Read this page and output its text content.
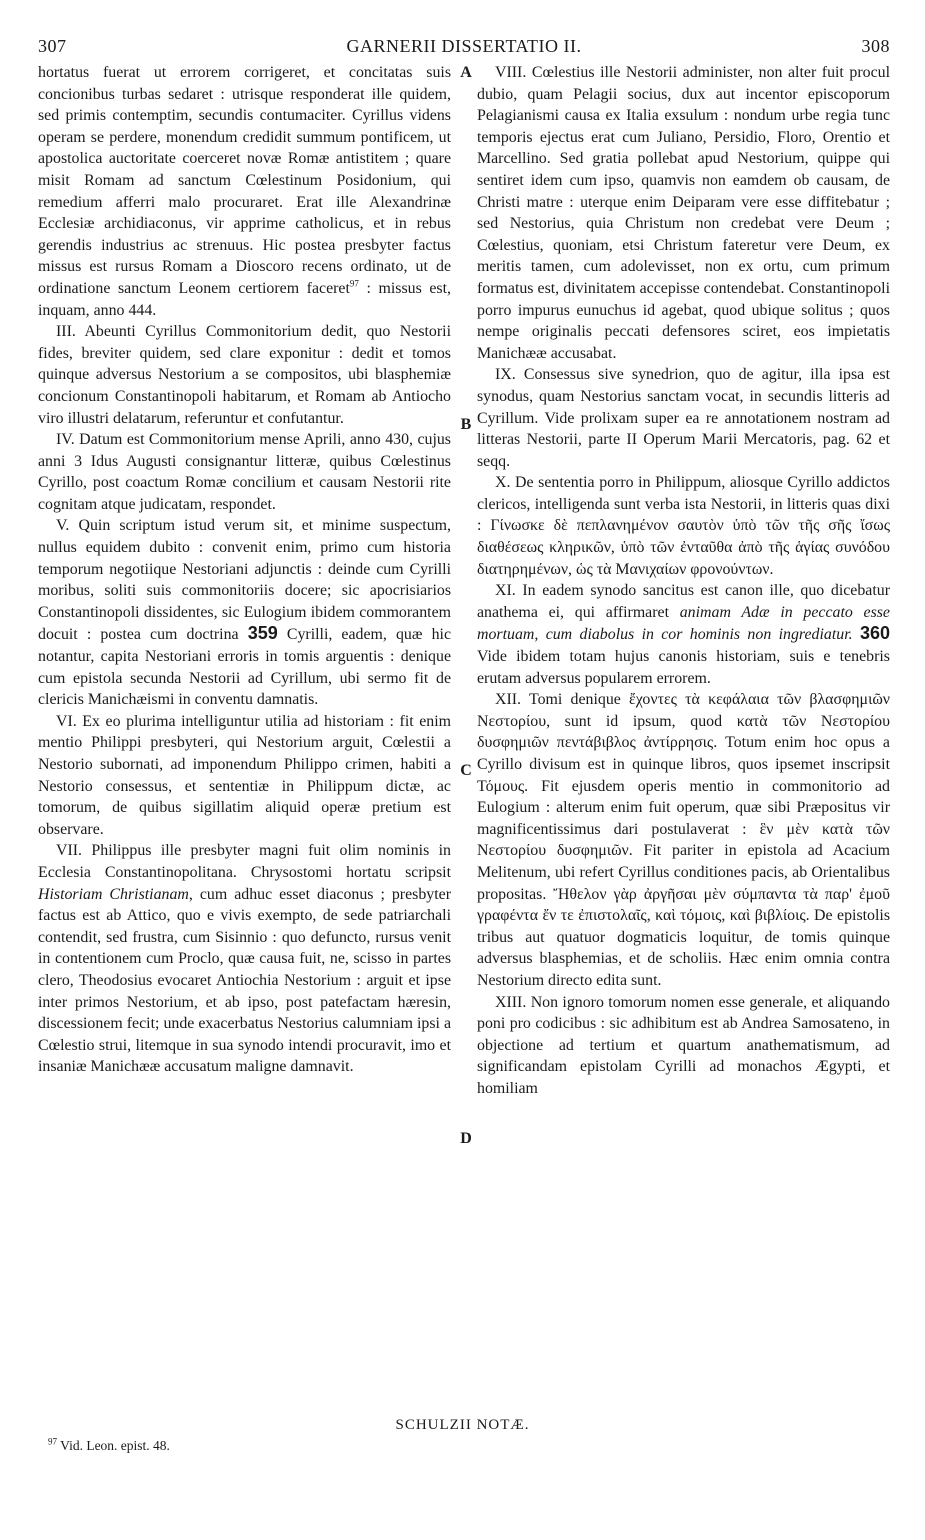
307	GARNERII DISSERTATIO II.	308
A
B
C
D

hortatus fuerat ut errorem corrigeret, et concitatas suis concionibus turbas sedaret : utrisque responderat ille quidem, sed primis contemptim, secundis contumaciter. Cyrillus videns operam se perdere, monendum credidit summum pontificem, ut apostolica auctoritate coerceret novæ Romæ antistitem ; quare misit Romam ad sanctum Cœlestinum Posidonium, qui remedium afferri malo procuraret. Erat ille Alexandrinæ Ecclesiæ archidiaconus, vir apprime catholicus, et in rebus gerendis industrius ac strenuus. Hic postea presbyter factus missus est rursus Romam a Dioscoro recens ordinato, ut de ordinatione sanctum Leonem certiorem faceret$^{97}$ : missus est, inquam, anno 444.

III. Abeunti Cyrillus Commonitorium dedit, quo Nestorii fides, breviter quidem, sed clare exponitur : dedit et tomos quinque adversus Nestorium a se compositos, ubi blasphemiæ concionum Constantinopoli habitarum, et Romam ab Antiocho viro illustri delatarum, referuntur et confutantur.

IV. Datum est Commonitorium mense Aprili, anno 430, cujus anni 3 Idus Augusti consignantur litteræ, quibus Cœlestinus Cyrillo, post coactum Romæ concilium et causam Nestorii rite cognitam atque judicatam, respondet.

V. Quin scriptum istud verum sit, et minime suspectum, nullus equidem dubito : convenit enim, primo cum historia temporum negotiique Nestoriani adjunctis : deinde cum Cyrilli moribus, soliti suis commonitoriis docere; sic apocrisiarios Constantinopoli dissidentes, sic Eulogium ibidem commorantem docuit : postea cum doctrina 359 Cyrilli, eadem, quæ hic notantur, capita Nestoriani erroris in tomis arguentis : denique cum epistola secunda Nestorii ad Cyrillum, ubi sermo fit de clericis Manichæismi in conventu damnatis.

VI. Ex eo plurima intelliguntur utilia ad historiam : fit enim mentio Philippi presbyteri, qui Nestorium arguit, Cœlestii a Nestorio subornati, ad imponendum Philippo crimen, habiti a Nestorio consessus, et sententiæ in Philippum dictæ, ac tomorum, de quibus sigillatim aliquid operæ pretium est observare.

VII. Philippus ille presbyter magni fuit olim nominis in Ecclesia Constantinopolitana. Chrysostomi hortatu scripsit Historiam Christianam, cum adhuc esset diaconus ; presbyter factus est ab Attico, quo e vivis exempto, de sede patriarchali contendit, sed frustra, cum Sisinnio : quo defuncto, rursus venit in contentionem cum Proclo, quæ causa fuit, ne, scisso in partes clero, Theodosius evocaret Antiochia Nestorium : arguit et ipse inter primos Nestorium, et ab ipso, post patefactam hæresin, discessionem fecit; unde exacerbatus Nestorius calumniam ipsi a Cœlestio strui, litemque in sua synodo intendi procuravit, imo et insaniæ Manichææ accusatum maligne damnavit.

VIII. Cœlestius ille Nestorii administer, non alter fuit procul dubio, quam Pelagii socius, dux aut incentor episcoporum Pelagianismi causa ex Italia exsulum : nondum urbe regia tunc temporis ejectus erat cum Juliano, Persidio, Floro, Orentio et Marcellino. Sed gratia pollebat apud Nestorium, quippe qui sentiret idem cum ipso, quamvis non eamdem ob causam, de Christi matre : uterque enim Deiparam vere esse diffitebatur ; sed Nestorius, quia Christum non credebat vere Deum ; Cœlestius, quoniam, etsi Christum fateretur vere Deum, ex meritis tamen, cum adolevisset, non ex ortu, cum primum formatus est, divinitatem accepisse contendebat. Constantinopoli porro impurus eunuchus id agebat, quod ubique solitus ; quos nempe originalis peccati defensores sciret, eos impietatis Manichææ accusabat.

IX. Consessus sive synedrion, quo de agitur, illa ipsa est synodus, quam Nestorius sanctam vocat, in secundis litteris ad Cyrillum. Vide prolixam super ea re annotationem nostram ad litteras Nestorii, parte II Operum Marii Mercatoris, pag. 62 et seqq.

X. De sententia porro in Philippum, aliosque Cyrillo addictos clericos, intelligenda sunt verba ista Nestorii, in litteris quas dixi : Γίνωσκε δὲ πεπλανημένον σαυτὸν ὑπὸ τῶν τῆς σῆς ἴσως διαθέσεως κληρικῶν, ὑπὸ τῶν ἐνταῦθα ἀπὸ τῆς ἁγίας συνόδου διατηρημένων, ὡς τὰ Μανιχαίων φρονούντων.

XI. In eadem synodo sancitus est canon ille, quo dicebatur anathema ei, qui affirmaret animam Adæ in peccato esse mortuam, cum diabolus in cor hominis non ingrediatur. 360 Vide ibidem totam hujus canonis historiam, suis e tenebris erutam adversus popularem errorem.

XII. Tomi denique ἔχοντες τὰ κεφάλαια τῶν βλασφημιῶν Νεστορίου, sunt id ipsum, quod κατὰ τῶν Νεστορίου δυσφημιῶν πεντάβιβλος ἀντίρρησις. Totum enim hoc opus a Cyrillo divisum est in quinque libros, quos ipsemet inscripsit Τόμους. Fit ejusdem operis mentio in commonitorio ad Eulogium : alterum enim fuit operum, quæ sibi Præpositus vir magnificentissimus dari postulaverat : ἓν μὲν κατὰ τῶν Νεστορίου δυσφημιῶν. Fit pariter in epistola ad Acacium Melitenum, ubi refert Cyrillus conditiones pacis, ab Orientalibus propositas. Ἤθελον γὰρ ἀργῆσαι μὲν σύμπαντα τὰ παρ' ἐμοῦ γραφέντα ἔν τε ἐπιστολαῖς, καὶ τόμοις, καὶ βιβλίοις. De epistolis tribus aut quatuor dogmaticis loquitur, de tomis quinque adversus blasphemias, et de scholiis. Hæc enim omnia contra Nestorium directo edita sunt.

XIII. Non ignoro tomorum nomen esse generale, et aliquando poni pro codicibus : sic adhibitum est ab Andrea Samosateno, in objectione ad tertium et quartum anathematismum, ad significandam epistolam Cyrilli ad monachos Ægypti, et homiliam

SCHULZII NOTÆ.
$^{97}$ Vid. Leon. epist. 48.
